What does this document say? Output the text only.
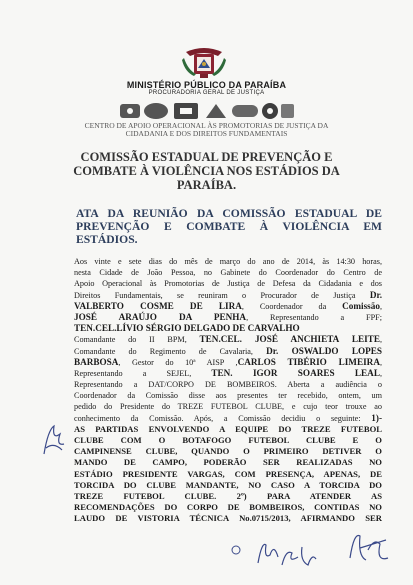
MINISTÉRIO PÚBLICO DA PARAÍBA
PROCURADORIA GERAL DE JUSTIÇA
CENTRO DE APOIO OPERACIONAL ÀS PROMOTORIAS DE JUSTIÇA DA
CIDADANIA E DOS DIREITOS FUNDAMENTAIS
COMISSÃO ESTADUAL DE PREVENÇÃO E
COMBATE À VIOLÊNCIA NOS ESTÁDIOS DA
PARAÍBA.
ATA DA REUNIÃO DA COMISSÃO ESTADUAL DE
PREVENÇÃO E COMBATE À VIOLÊNCIA EM
ESTÁDIOS.
Aos vinte e sete dias do mês de março do ano de 2014, às 14:30 horas,
nesta Cidade de João Pessoa, no Gabinete do Coordenador do Centro de
Apoio Operacional às Promotorias de Justiça de Defesa da Cidadania e dos
Direitos Fundamentais, se reuniram o Procurador de Justiça Dr.
VALBERTO COSME DE LIRA, Coordenador da Comissão,
JOSÉ ARAÚJO DA PENHA, Representando a FPF;
TEN.CEL.LÍVIO SÉRGIO DELGADO DE CARVALHO
Comandante do II BPM, TEN.CEL. JOSÉ ANCHIETA LEITE,
Comandante do Regimento de Cavalaria, Dr. OSWALDO LOPES
BARBOSA, Gestor do 10ª AISP ,CARLOS TIBÉRIO LIMEIRA,
Representando a SEJEL, TEN. IGOR SOARES LEAL,
Representando a DAT/CORPO DE BOMBEIROS. Aberta a audiência o
Coordenador da Comissão disse aos presentes ter recebido, ontem, um
pedido do Presidente do TREZE FUTEBOL CLUBE, e cujo teor trouxe ao
conhecimento da Comissão. Após, a Comissão decidiu o seguinte: 1)-
AS PARTIDAS ENVOLVENDO A EQUIPE DO TREZE FUTEBOL
CLUBE COM O BOTAFOGO FUTEBOL CLUBE E O
CAMPINENSE CLUBE, QUANDO O PRIMEIRO DETIVER O
MANDO DE CAMPO, PODERÃO SER REALIZADAS NO
ESTÁDIO PRESIDENTE VARGAS, COM PRESENÇA, APENAS, DE
TORCIDA DO CLUBE MANDANTE, NO CASO A TORCIDA DO
TREZE FUTEBOL CLUBE. 2º) PARA ATENDER AS
RECOMENDAÇÕES DO CORPO DE BOMBEIROS, CONTIDAS NO
LAUDO DE VISTORIA TÉCNICA No.0715/2013, AFIRMANDO SER
